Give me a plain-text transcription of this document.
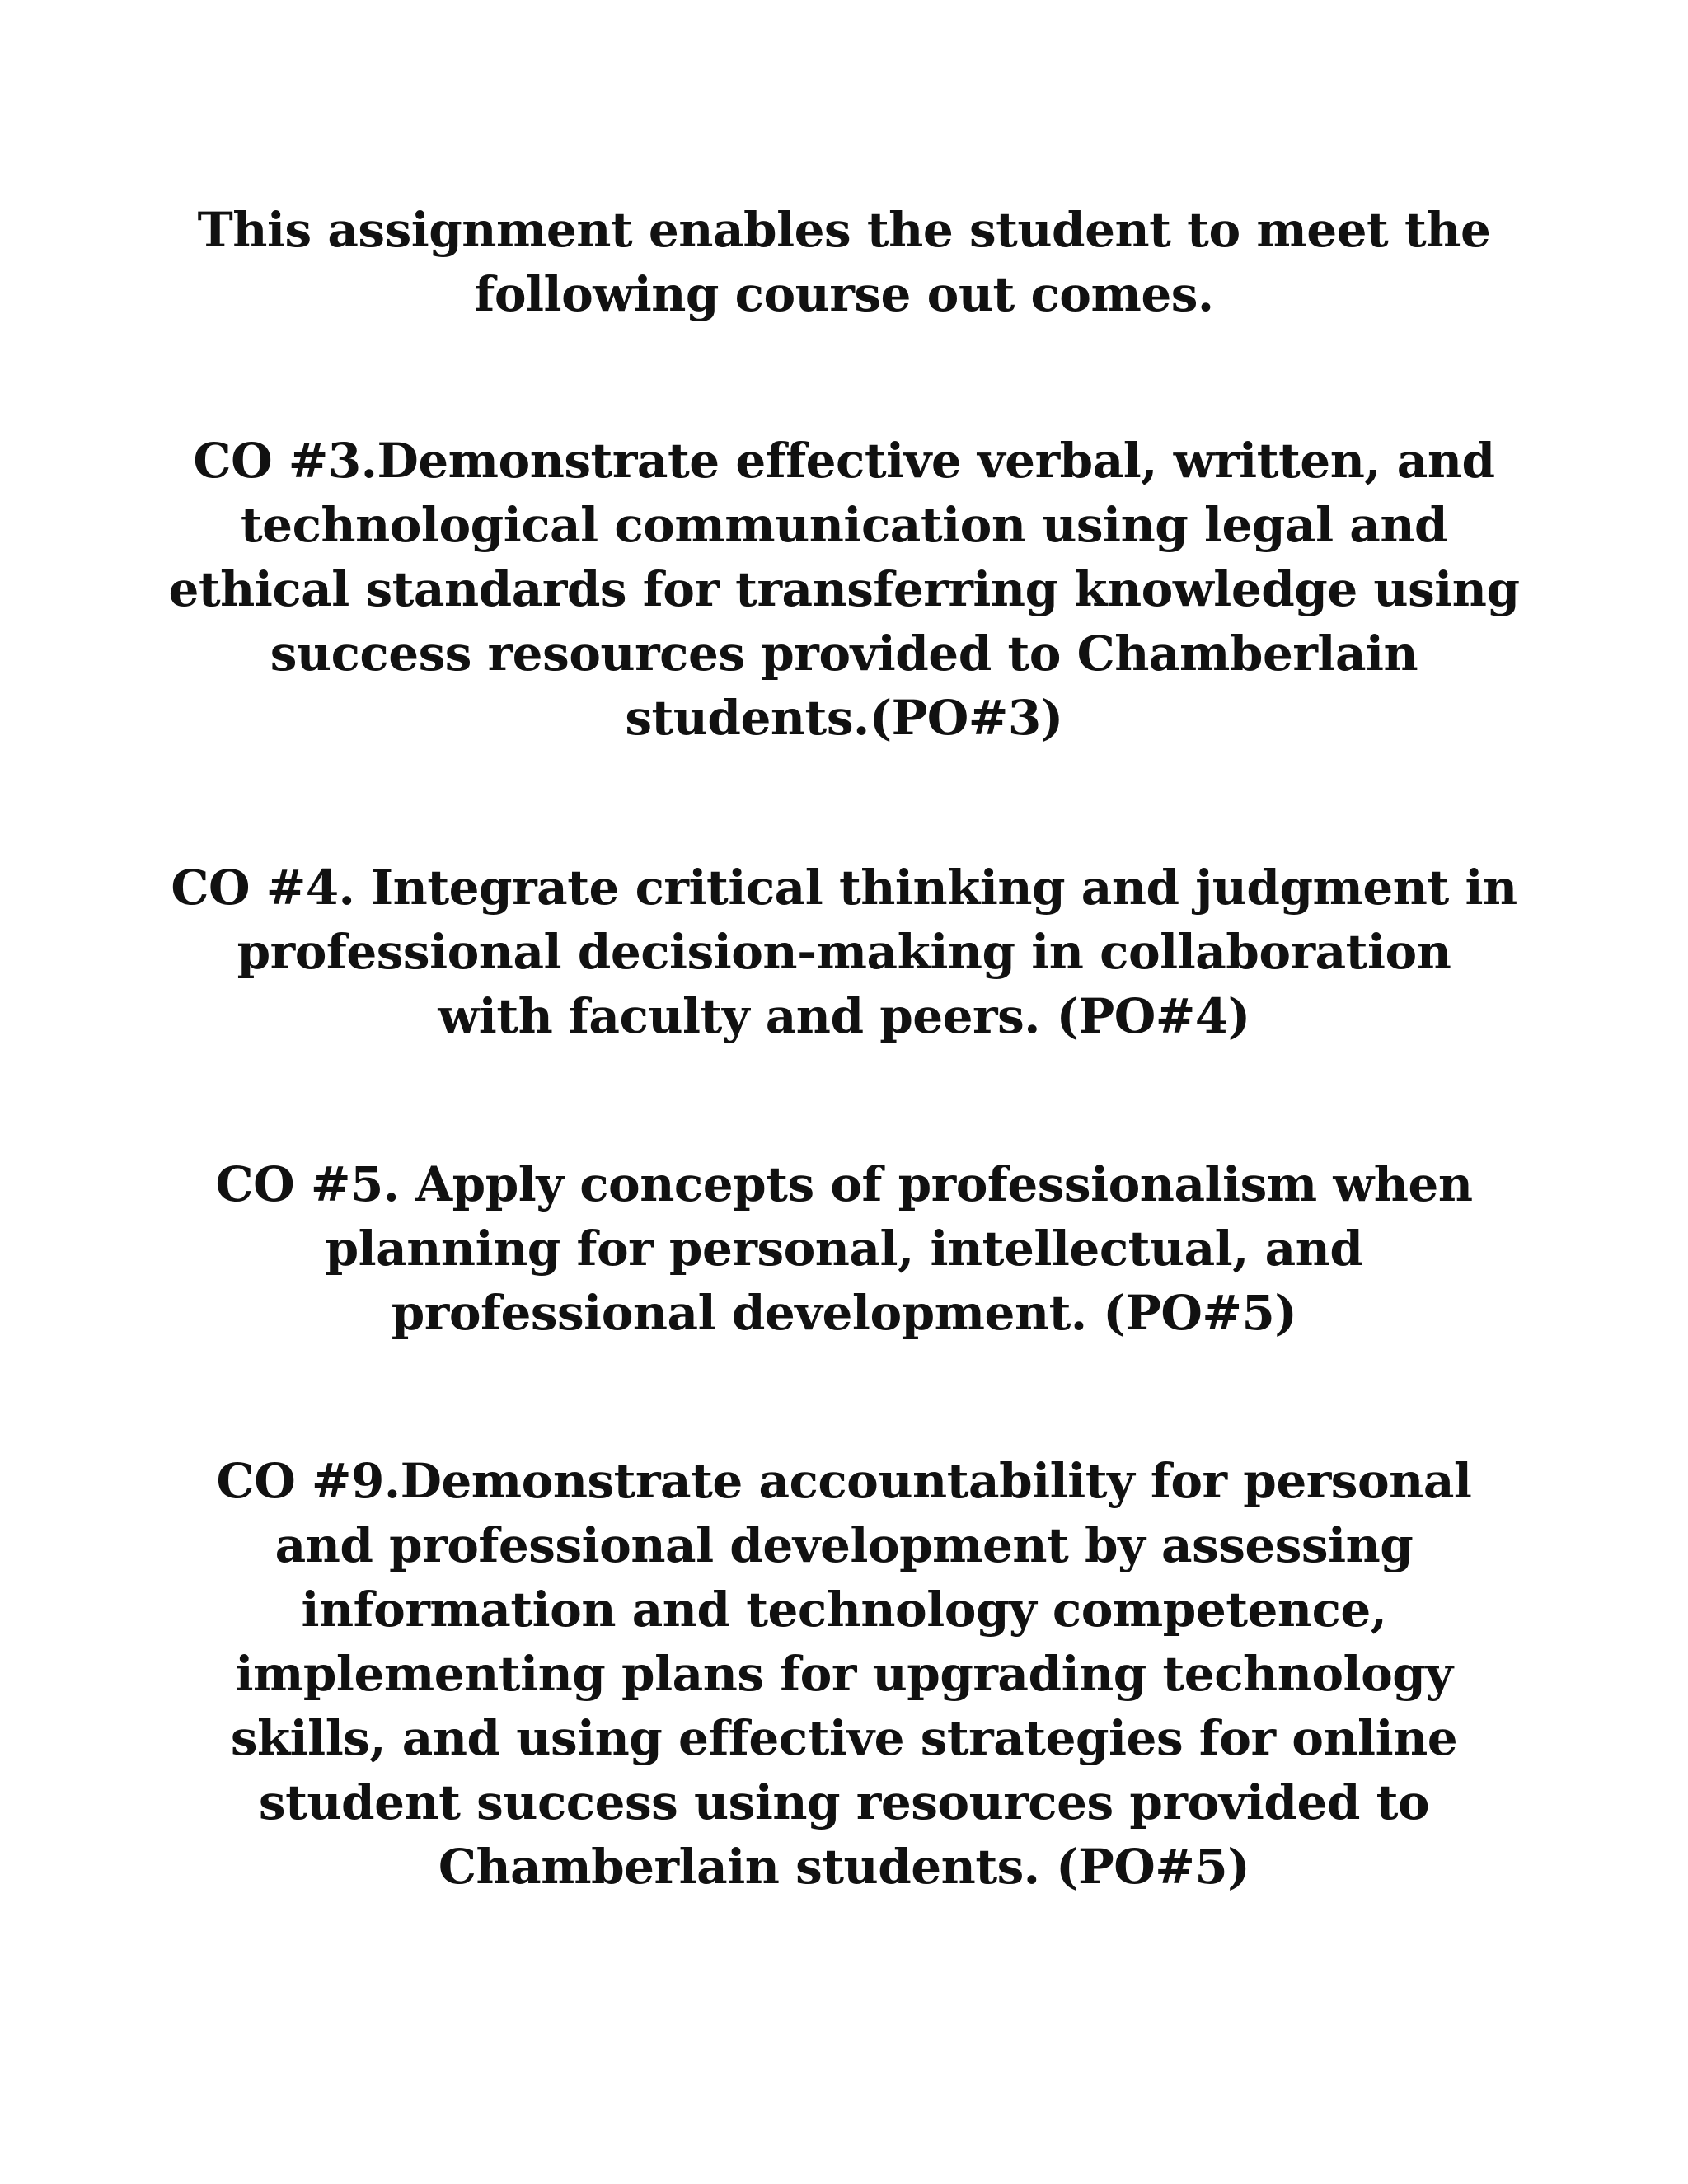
This assignment enables the student to meet the
following course out comes.
CO #3.Demonstrate effective verbal, written, and
technological communication using legal and
ethical standards for transferring knowledge using
success resources provided to Chamberlain
students.(PO#3)
CO #4. Integrate critical thinking and judgment in
professional decision-making in collaboration
with faculty and peers. (PO#4)
CO #5. Apply concepts of professionalism when
planning for personal, intellectual, and
professional development. (PO#5)
CO #9.Demonstrate accountability for personal
and professional development by assessing
information and technology competence,
implementing plans for upgrading technology
skills, and using effective strategies for online
student success using resources provided to
Chamberlain students. (PO#5)
